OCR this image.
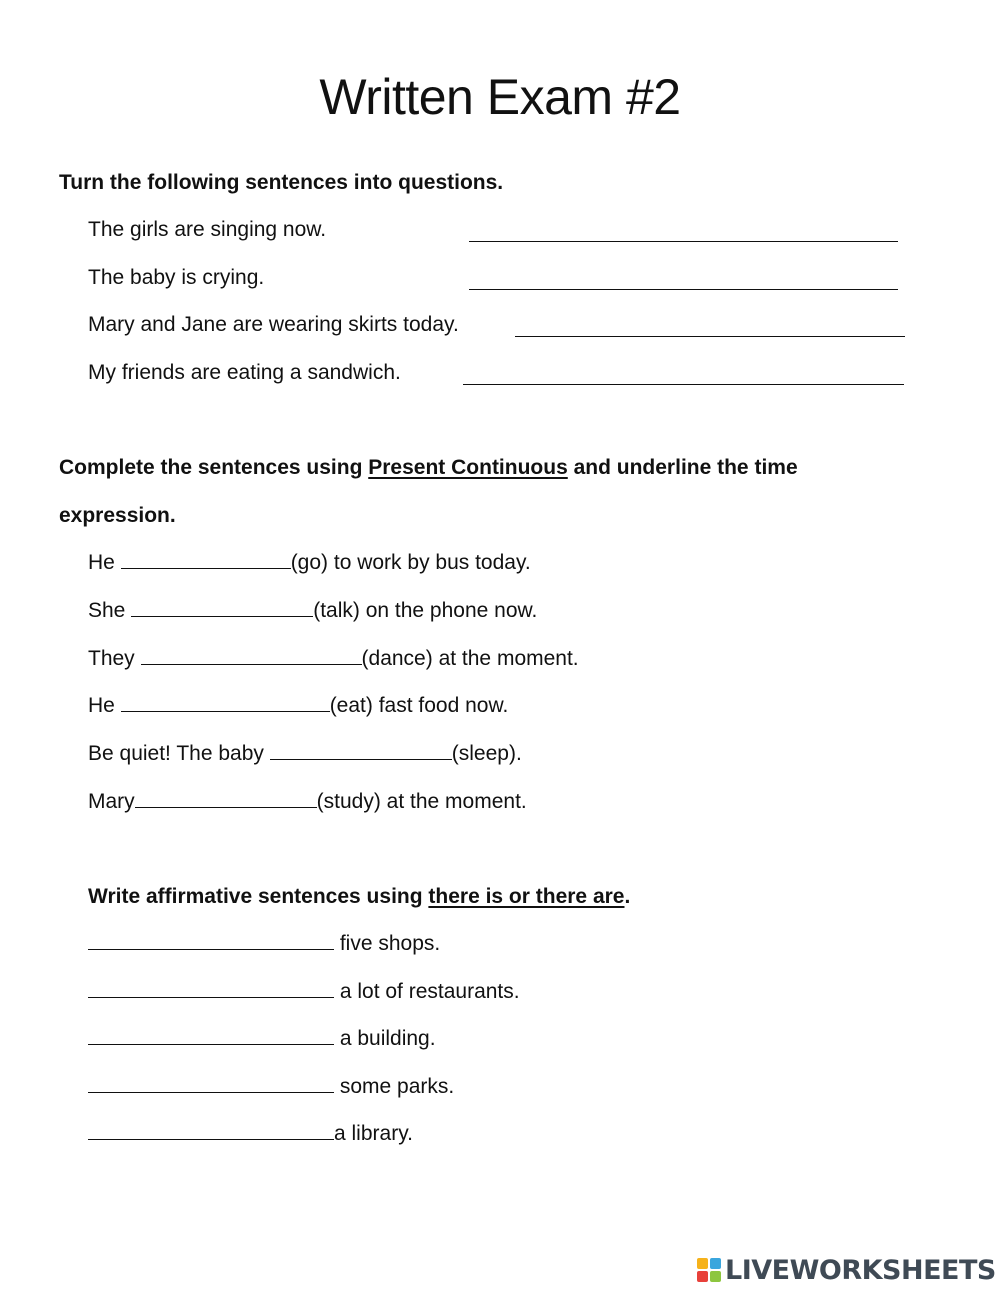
Written Exam #2
Turn the following sentences into questions.
The girls are singing now.
The baby is crying.
Mary and Jane are wearing skirts today.
My friends are eating a sandwich.
Complete the sentences using Present Continuous and underline the time
expression.
He	(go) to work by bus today.
She	(talk) on the phone now.
They	(dance) at the moment.
He	(eat) fast food now.
Be quiet! The baby	(sleep).
Mary	(study) at the moment.
Write affirmative sentences using there is or there are.
five shops.
a lot of restaurants.
a building.
some parks.
a library.
LIVEWORKSHEETS
